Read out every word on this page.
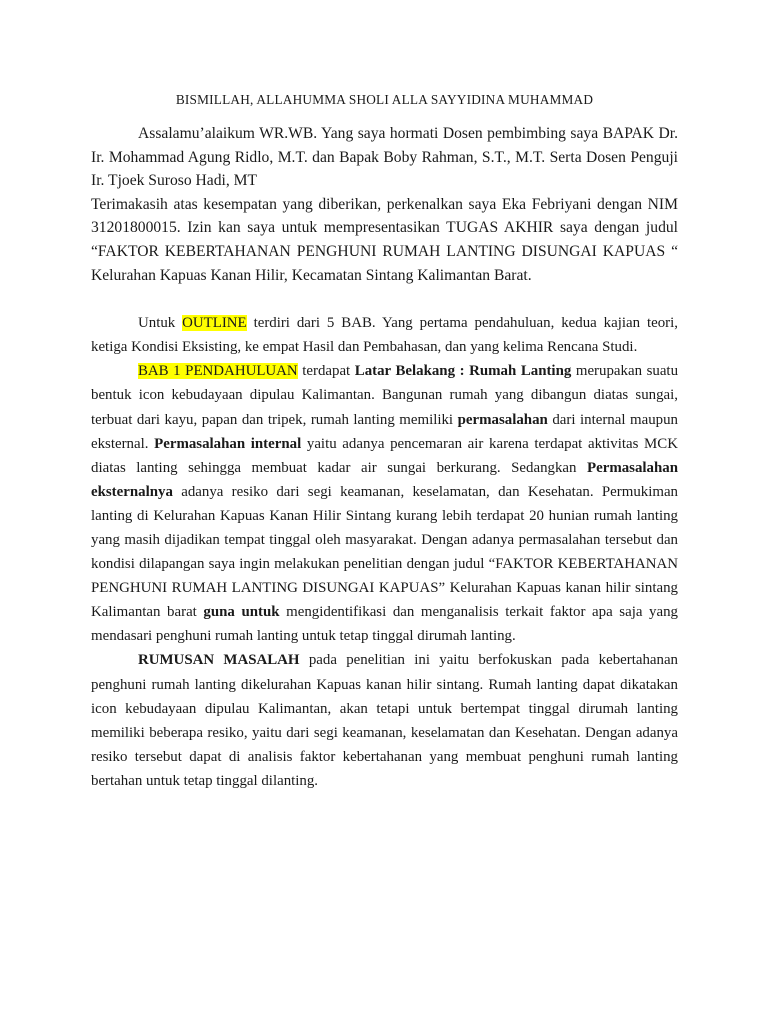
BISMILLAH, ALLAHUMMA SHOLI ALLA SAYYIDINA MUHAMMAD

Assalamu’alaikum WR.WB. Yang saya hormati Dosen pembimbing saya BAPAK Dr. Ir. Mohammad Agung Ridlo, M.T. dan Bapak Boby Rahman, S.T., M.T. Serta Dosen Penguji Ir. Tjoek Suroso Hadi, MT

Terimakasih atas kesempatan yang diberikan, perkenalkan saya Eka Febriyani dengan NIM 31201800015. Izin kan saya untuk mempresentasikan TUGAS AKHIR saya dengan judul “FAKTOR KEBERTAHANAN PENGHUNI RUMAH LANTING DISUNGAI KAPUAS “ Kelurahan Kapuas Kanan Hilir, Kecamatan Sintang Kalimantan Barat.

Untuk OUTLINE terdiri dari 5 BAB. Yang pertama pendahuluan, kedua kajian teori, ketiga Kondisi Eksisting, ke empat Hasil dan Pembahasan, dan yang kelima Rencana Studi.

BAB 1 PENDAHULUAN terdapat Latar Belakang : Rumah Lanting merupakan suatu bentuk icon kebudayaan dipulau Kalimantan. Bangunan rumah yang dibangun diatas sungai, terbuat dari kayu, papan dan tripek, rumah lanting memiliki permasalahan dari internal maupun eksternal. Permasalahan internal yaitu adanya pencemaran air karena terdapat aktivitas MCK diatas lanting sehingga membuat kadar air sungai berkurang. Sedangkan Permasalahan eksternalnya adanya resiko dari segi keamanan, keselamatan, dan Kesehatan. Permukiman lanting di Kelurahan Kapuas Kanan Hilir Sintang kurang lebih terdapat 20 hunian rumah lanting yang masih dijadikan tempat tinggal oleh masyarakat. Dengan adanya permasalahan tersebut dan kondisi dilapangan saya ingin melakukan penelitian dengan judul “FAKTOR KEBERTAHANAN PENGHUNI RUMAH LANTING DISUNGAI KAPUAS” Kelurahan Kapuas kanan hilir sintang Kalimantan barat guna untuk mengidentifikasi dan menganalisis terkait faktor apa saja yang mendasari penghuni rumah lanting untuk tetap tinggal dirumah lanting.

RUMUSAN MASALAH pada penelitian ini yaitu berfokuskan pada kebertahanan penghuni rumah lanting dikelurahan Kapuas kanan hilir sintang. Rumah lanting dapat dikatakan icon kebudayaan dipulau Kalimantan, akan tetapi untuk bertempat tinggal dirumah lanting memiliki beberapa resiko, yaitu dari segi keamanan, keselamatan dan Kesehatan. Dengan adanya resiko tersebut dapat di analisis faktor kebertahanan yang membuat penghuni rumah lanting bertahan untuk tetap tinggal dilanting.
